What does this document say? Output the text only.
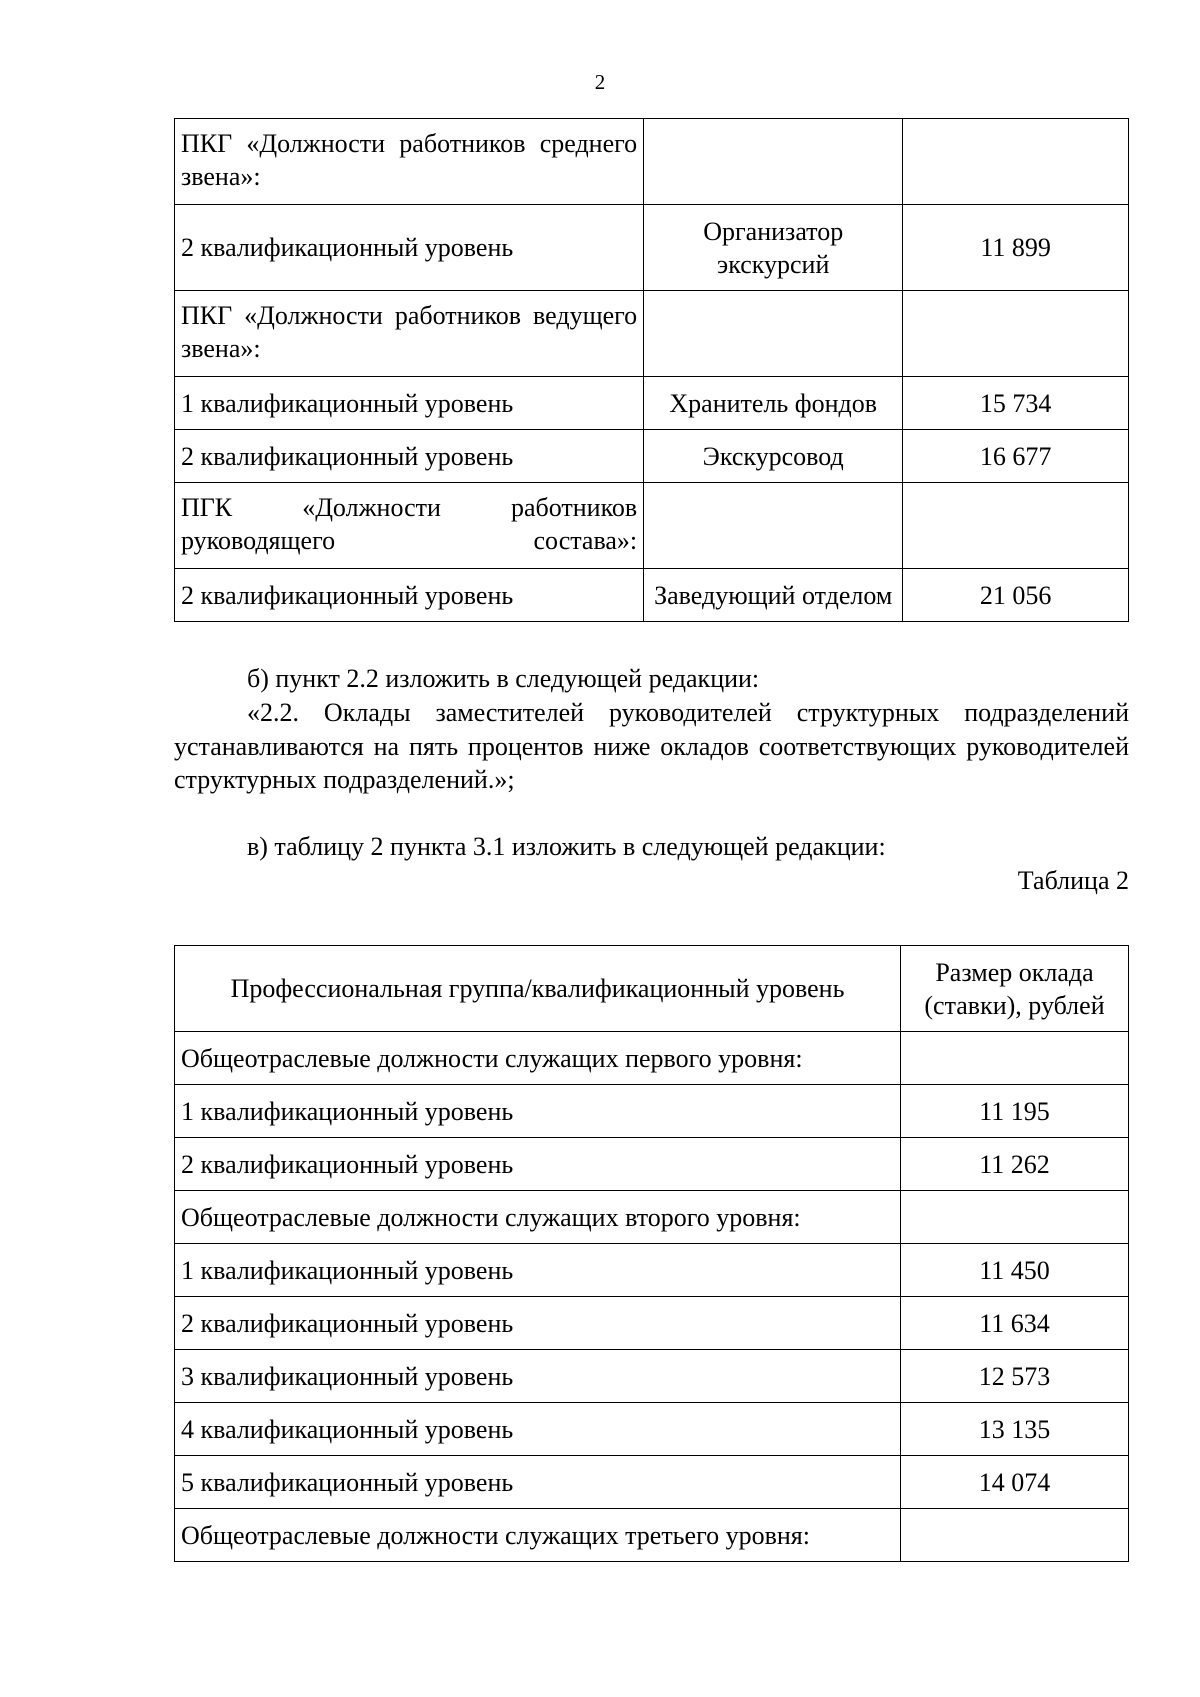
2
ПКГ «Должности работников среднего звена»:		
2 квалификационный уровень	Организатор экскурсий	11 899
ПКГ «Должности работников ведущего звена»:		
1 квалификационный уровень	Хранитель фондов	15 734
2 квалификационный уровень	Экскурсовод	16 677
ПГК «Должности работников руководящего состава»:		
2 квалификационный уровень	Заведующий отделом	21 056

б) пункт 2.2 изложить в следующей редакции:

«2.2. Оклады заместителей руководителей структурных подразделений устанавливаются на пять процентов ниже окладов соответствующих руководителей структурных подразделений.»;

в) таблицу 2 пункта 3.1 изложить в следующей редакции:

Таблица 2

Профессиональная группа/квалификационный уровень	Размер оклада (ставки), рублей
Общеотраслевые должности служащих первого уровня:	
1 квалификационный уровень	11 195
2 квалификационный уровень	11 262
Общеотраслевые должности служащих второго уровня:	
1 квалификационный уровень	11 450
2 квалификационный уровень	11 634
3 квалификационный уровень	12 573
4 квалификационный уровень	13 135
5 квалификационный уровень	14 074
Общеотраслевые должности служащих третьего уровня:	
